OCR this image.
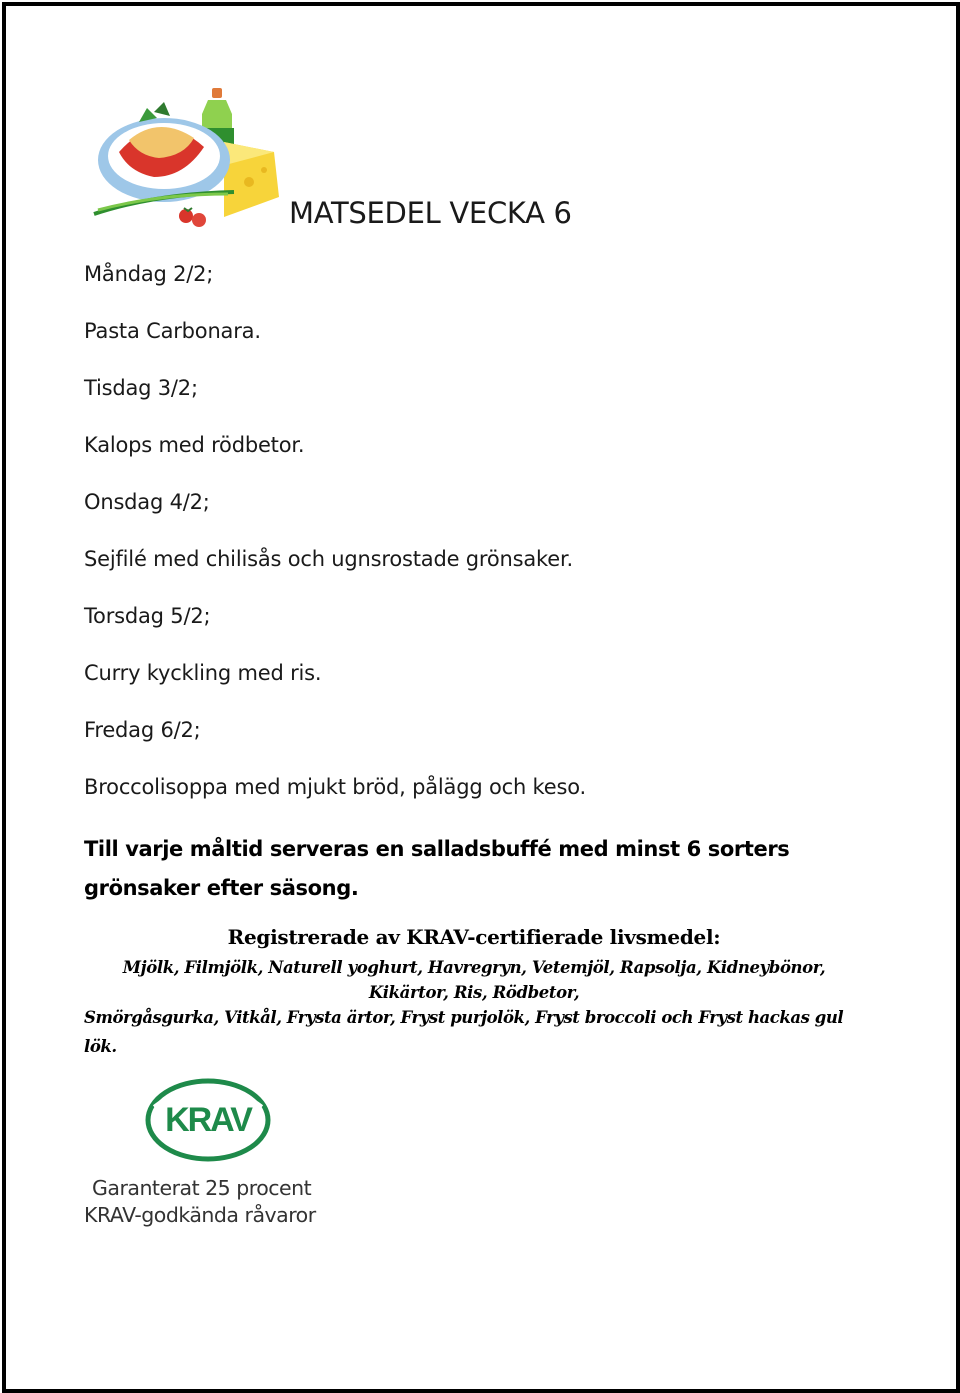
MATSEDEL VECKA 6
Måndag 2/2;
Pasta Carbonara.
Tisdag 3/2;
Kalops med rödbetor.
Onsdag 4/2;
Sejfilé med chilisås och ugnsrostade grönsaker.
Torsdag 5/2;
Curry kyckling med ris.
Fredag 6/2;
Broccolisoppa med mjukt bröd, pålägg och keso.
Till varje måltid serveras en salladsbuffé med minst 6 sorters grönsaker efter säsong.
Registrerade av KRAV-certifierade livsmedel:
Mjölk, Filmjölk, Naturell yoghurt, Havregryn, Vetemjöl, Rapsolja, Kidneybönor,
Kikärtor, Ris, Rödbetor,
Smörgåsgurka, Vitkål, Frysta ärtor, Fryst purjolök, Fryst broccoli och Fryst hackas gul lök.
KRAV
Garanterat 25 procent
KRAV-godkända råvaror
